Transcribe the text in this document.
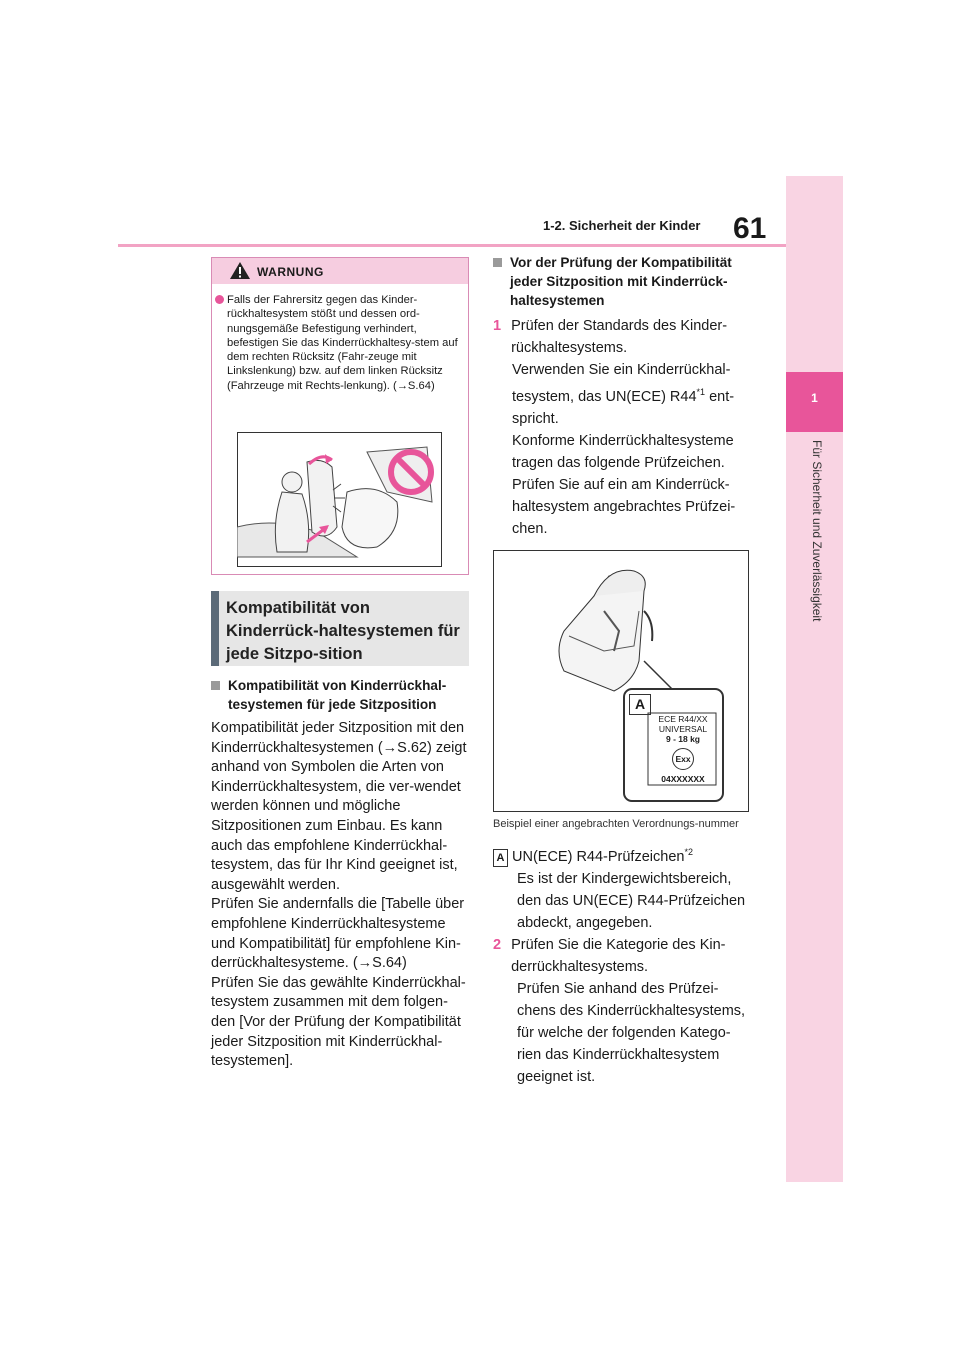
1-2. Sicherheit der Kinder 61
1
Für Sicherheit und Zuverlässigkeit
WARNUNG
Falls der Fahrersitz gegen das Kinder-rückhaltesystem stößt und dessen ord-nungsgemäße Befestigung verhindert, befestigen Sie das Kinderrückhaltesy-stem auf dem rechten Rücksitz (Fahr-zeuge mit Linkslenkung) bzw. auf dem linken Rücksitz (Fahrzeuge mit Rechts-lenkung). (→S.64)
Kompatibilität von Kinderrück-haltesystemen für jede Sitzpo-sition
Kompatibilität von Kinderrückhal-tesystemen für jede Sitzposition
Kompatibilität jeder Sitzposition mit den Kinderrückhaltesystemen (→S.62) zeigt anhand von Symbolen die Arten von Kinderrückhaltesystem, die ver-wendet werden können und mögliche Sitzpositionen zum Einbau. Es kann auch das empfohlene Kinderrückhal-tesystem, das für Ihr Kind geeignet ist, ausgewählt werden.
Prüfen Sie andernfalls die [Tabelle über empfohlene Kinderrückhaltesysteme und Kompatibilität] für empfohlene Kin-derrückhaltesysteme. (→S.64)
Prüfen Sie das gewählte Kinderrückhal-tesystem zusammen mit dem folgen-den [Vor der Prüfung der Kompatibilität jeder Sitzposition mit Kinderrückhal-tesystemen].
Vor der Prüfung der Kompatibilität jeder Sitzposition mit Kinderrück-haltesystemen
1 Prüfen der Standards des Kinder-rückhaltesystems.
Verwenden Sie ein Kinderrückhal-tesystem, das UN(ECE) R44$^{*1}$ ent-spricht.
Konforme Kinderrückhaltesysteme tragen das folgende Prüfzeichen. Prüfen Sie auf ein am Kinderrück-haltesystem angebrachtes Prüfzei-chen.
A
ECE R44/XX
UNIVERSAL
9 - 18 kg
Exx
04XXXXXX
Beispiel einer angebrachten Verordnungs-nummer
A UN(ECE) R44-Prüfzeichen$^{*2}$
Es ist der Kindergewichtsbereich, den das UN(ECE) R44-Prüfzeichen abdeckt, angegeben.
2 Prüfen Sie die Kategorie des Kin-derrückhaltesystems.
Prüfen Sie anhand des Prüfzei-chens des Kinderrückhaltesystems, für welche der folgenden Katego-rien das Kinderrückhaltesystem geeignet ist.
